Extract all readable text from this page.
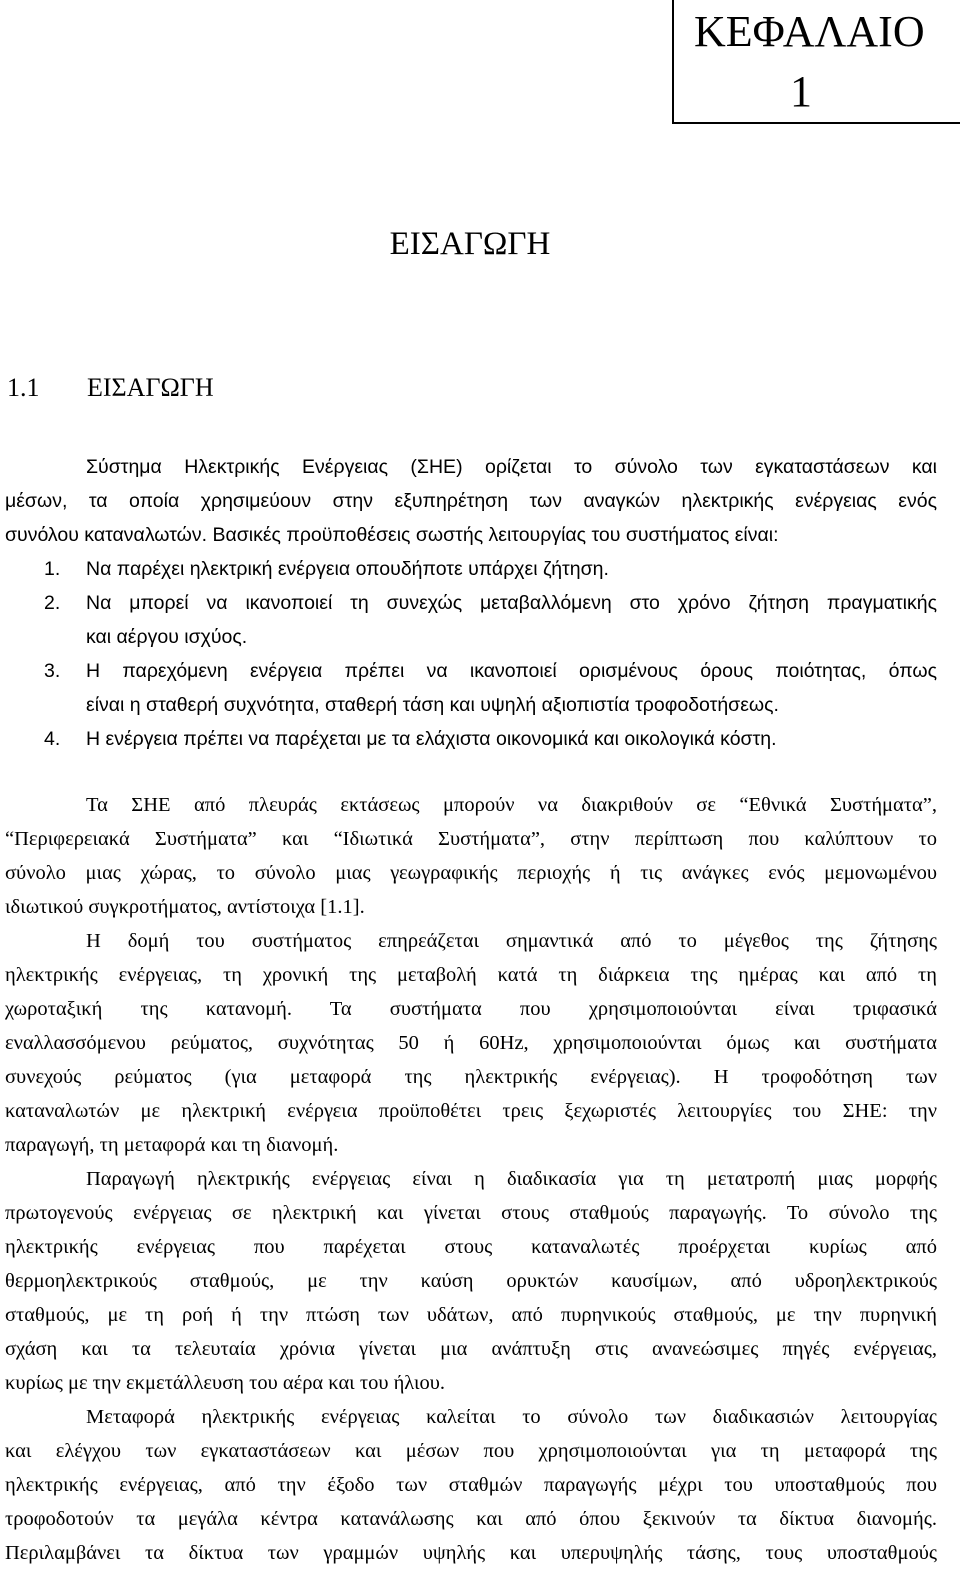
ΚΕΦΑΛΑΙΟ
1
ΕΙΣΑΓΩΓΗ
1.1 ΕΙΣΑΓΩΓΗ
Σύστημα Ηλεκτρικής Ενέργειας (ΣΗΕ) ορίζεται το σύνολο των εγκαταστάσεων και
μέσων, τα οποία χρησιμεύουν στην εξυπηρέτηση των αναγκών ηλεκτρικής ενέργειας ενός
συνόλου καταναλωτών. Βασικές προϋποθέσεις σωστής λειτουργίας του συστήματος είναι:
1. Να παρέχει ηλεκτρική ενέργεια οπουδήποτε υπάρχει ζήτηση.
2. Να μπορεί να ικανοποιεί τη συνεχώς μεταβαλλόμενη στο χρόνο ζήτηση πραγματικής
και αέργου ισχύος.
3. Η παρεχόμενη ενέργεια πρέπει να ικανοποιεί ορισμένους όρους ποιότητας, όπως
είναι η σταθερή συχνότητα, σταθερή τάση και υψηλή αξιοπιστία τροφοδοτήσεως.
4. Η ενέργεια πρέπει να παρέχεται με τα ελάχιστα οικονομικά και οικολογικά κόστη.
Τα ΣΗΕ από πλευράς εκτάσεως μπορούν να διακριθούν σε “Εθνικά Συστήματα”,
“Περιφερειακά Συστήματα” και “Ιδιωτικά Συστήματα”, στην περίπτωση που καλύπτουν το
σύνολο μιας χώρας, το σύνολο μιας γεωγραφικής περιοχής ή τις ανάγκες ενός μεμονωμένου
ιδιωτικού συγκροτήματος, αντίστοιχα [1.1].
Η δομή του συστήματος επηρεάζεται σημαντικά από το μέγεθος της ζήτησης
ηλεκτρικής ενέργειας, τη χρονική της μεταβολή κατά τη διάρκεια της ημέρας και από τη
χωροταξική της κατανομή. Τα συστήματα που χρησιμοποιούνται είναι τριφασικά
εναλλασσόμενου ρεύματος, συχνότητας 50 ή 60Hz, χρησιμοποιούνται όμως και συστήματα
συνεχούς ρεύματος (για μεταφορά της ηλεκτρικής ενέργειας). Η τροφοδότηση των
καταναλωτών με ηλεκτρική ενέργεια προϋποθέτει τρεις ξεχωριστές λειτουργίες του ΣΗΕ: την
παραγωγή, τη μεταφορά και τη διανομή.
Παραγωγή ηλεκτρικής ενέργειας είναι η διαδικασία για τη μετατροπή μιας μορφής
πρωτογενούς ενέργειας σε ηλεκτρική και γίνεται στους σταθμούς παραγωγής. Το σύνολο της
ηλεκτρικής ενέργειας που παρέχεται στους καταναλωτές προέρχεται κυρίως από
θερμοηλεκτρικούς σταθμούς, με την καύση ορυκτών καυσίμων, από υδροηλεκτρικούς
σταθμούς, με τη ροή ή την πτώση των υδάτων, από πυρηνικούς σταθμούς, με την πυρηνική
σχάση και τα τελευταία χρόνια γίνεται μια ανάπτυξη στις ανανεώσιμες πηγές ενέργειας,
κυρίως με την εκμετάλλευση του αέρα και του ήλιου.
Μεταφορά ηλεκτρικής ενέργειας καλείται το σύνολο των διαδικασιών λειτουργίας
και ελέγχου των εγκαταστάσεων και μέσων που χρησιμοποιούνται για τη μεταφορά της
ηλεκτρικής ενέργειας, από την έξοδο των σταθμών παραγωγής μέχρι του υποσταθμούς που
τροφοδοτούν τα μεγάλα κέντρα κατανάλωσης και από όπου ξεκινούν τα δίκτυα διανομής.
Περιλαμβάνει τα δίκτυα των γραμμών υψηλής και υπερυψηλής τάσης, τους υποσταθμούς
